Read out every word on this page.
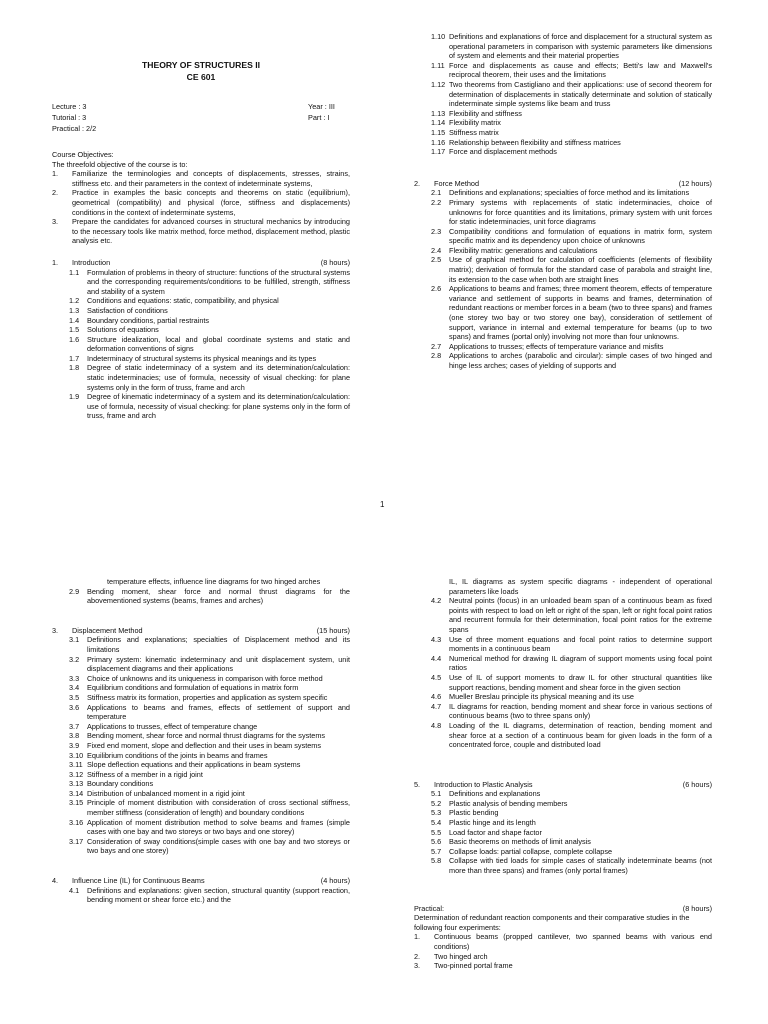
THEORY OF STRUCTURES II
CE 601
Lecture : 3
Tutorial : 3
Practical : 2/2
Year : III
Part : I
Course Objectives:
The threefold objective of the course is to:
1.	Familiarize the terminologies and concepts of displacements, stresses, strains, stiffness etc. and their parameters in the context of indeterminate systems,
2.	Practice in examples the basic concepts and theorems on static (equilibrium), geometrical (compatibility) and physical (force, stiffness and displacements) conditions in the context of indeterminate systems,
3.	Prepare the candidates for advanced courses in structural mechanics by introducing to the necessary tools like matrix method, force method, displacement method, plastic analysis etc.
1.	Introduction	(8 hours)
1.1	Formulation of problems in theory of structure: functions of the structural systems and the corresponding requirements/conditions to be fulfilled, strength, stiffness and stability of a system
1.2	Conditions and equations: static, compatibility, and physical
1.3	Satisfaction of conditions
1.4	Boundary conditions, partial restraints
1.5	Solutions of equations
1.6	Structure idealization, local and global coordinate systems and static and deformation conventions of signs
1.7	Indeterminacy of structural systems its physical meanings and its types
1.8	Degree of static indeterminacy of a system and its determination/calculation: static indeterminacies; use of formula, necessity of visual checking: for plane systems only in the form of truss, frame and arch
1.9	Degree of kinematic indeterminacy of a system and its determination/calculation: use of formula, necessity of visual checking: for plane systems only in the form of truss, frame and arch
1.10 Definitions and explanations of force and displacement for a structural system as operational parameters in comparison with systemic parameters like dimensions of system and elements and their material properties
1.11 Force and displacements as cause and effects; Betti's law and Maxwell's reciprocal theorem, their uses and the limitations
1.12 Two theorems from Castigliano and their applications: use of second theorem for determination of displacements in statically determinate and solution of statically indeterminate simple systems like beam and truss
1.13 Flexibility and stiffness
1.14 Flexibility matrix
1.15 Stiffness matrix
1.16 Relationship between flexibility and stiffness matrices
1.17 Force and displacement methods
2.	Force Method	(12 hours)
2.1	Definitions and explanations; specialties of force method and its limitations
2.2	Primary systems with replacements of static indeterminacies, choice of unknowns for force quantities and its limitations, primary system with unit forces for static indeterminacies, unit force diagrams
2.3	Compatibility conditions and formulation of equations in matrix form, system specific matrix and its dependency upon choice of unknowns
2.4	Flexibility matrix: generations and calculations
2.5	Use of graphical method for calculation of coefficients (elements of flexibility matrix); derivation of formula for the standard case of parabola and straight line, its extension to the case when both are straight lines
2.6	Applications to beams and frames; three moment theorem, effects of temperature variance and settlement of supports in beams and frames, determination of redundant reactions or member forces in a beam (two to three spans) and frames (one storey two bay or two storey one bay), consideration of settlement of support, variance in internal and external temperature for beams (up to two spans) and frames (portal only) involving not more than four unknowns.
2.7	Applications to trusses; effects of temperature variance and misfits
2.8	Applications to arches (parabolic and circular): simple cases of two hinged and hinge less arches; cases of yielding of supports and
1
temperature effects, influence line diagrams for two hinged arches
2.9	Bending moment, shear force and normal thrust diagrams for the abovementioned systems (beams, frames and arches)
3.	Displacement Method	(15 hours)
3.1	Definitions and explanations; specialties of Displacement method and its limitations
3.2	Primary system: kinematic indeterminacy and unit displacement system, unit displacement diagrams and their applications
3.3	Choice of unknowns and its uniqueness in comparison with force method
3.4	Equilibrium conditions and formulation of equations in matrix form
3.5	Stiffness matrix its formation, properties and application as system specific
3.6	Applications to beams and frames, effects of settlement of support and temperature
3.7	Applications to trusses, effect of temperature change
3.8	Bending moment, shear force and normal thrust diagrams for the systems
3.9	Fixed end moment, slope and deflection and their uses in beam systems
3.10 Equilibrium conditions of the joints in beams and frames
3.11 Slope deflection equations and their applications in beam systems
3.12 Stiffness of a member in a rigid joint
3.13 Boundary conditions
3.14 Distribution of unbalanced moment in a rigid joint
3.15 Principle of moment distribution with consideration of cross sectional stiffness, member stiffness (consideration of length) and boundary conditions
3.16 Application of moment distribution method to solve beams and frames (simple cases with one bay and two storeys or two bays and one storey)
3.17 Consideration of sway conditions(simple cases with one bay and two storeys or two bays and one storey)
4.	Influence Line (IL) for Continuous Beams	(4 hours)
4.1	Definitions and explanations: given section, structural quantity (support reaction, bending moment or shear force etc.) and the
IL, IL diagrams as system specific diagrams - independent of operational parameters like loads
4.2	Neutral points (focus) in an unloaded beam span of a continuous beam as fixed points with respect to load on left or right of the span, left or right focal point ratios and recurrent formula for their determination, focal point ratios for the extreme spans
4.3	Use of three moment equations and focal point ratios to determine support moments in a continuous beam
4.4	Numerical method for drawing IL diagram of support moments using focal point ratios
4.5	Use of IL of support moments to draw IL for other structural quantities like support reactions, bending moment and shear force in the given section
4.6	Mueller Breslau principle its physical meaning and its use
4.7	IL diagrams for reaction, bending moment and shear force in various sections of continuous beams (two to three spans only)
4.8	Loading of the IL diagrams, determination of reaction, bending moment and shear force at a section of a continuous beam for given loads in the form of a concentrated force, couple and distributed load
5.	Introduction to Plastic Analysis	(6 hours)
5.1	Definitions and explanations
5.2	Plastic analysis of bending members
5.3	Plastic bending
5.4	Plastic hinge and its length
5.5	Load factor and shape factor
5.6	Basic theorems on methods of limit analysis
5.7	Collapse loads: partial collapse, complete collapse
5.8	Collapse with tied loads for simple cases of statically indeterminate beams (not more than three spans) and frames (only portal frames)
Practical:	(8 hours)
Determination of redundant reaction components and their comparative studies in the following four experiments:
1.	Continuous beams (propped cantilever, two spanned beams with various end conditions)
2.	Two hinged arch
3.	Two-pinned portal frame
